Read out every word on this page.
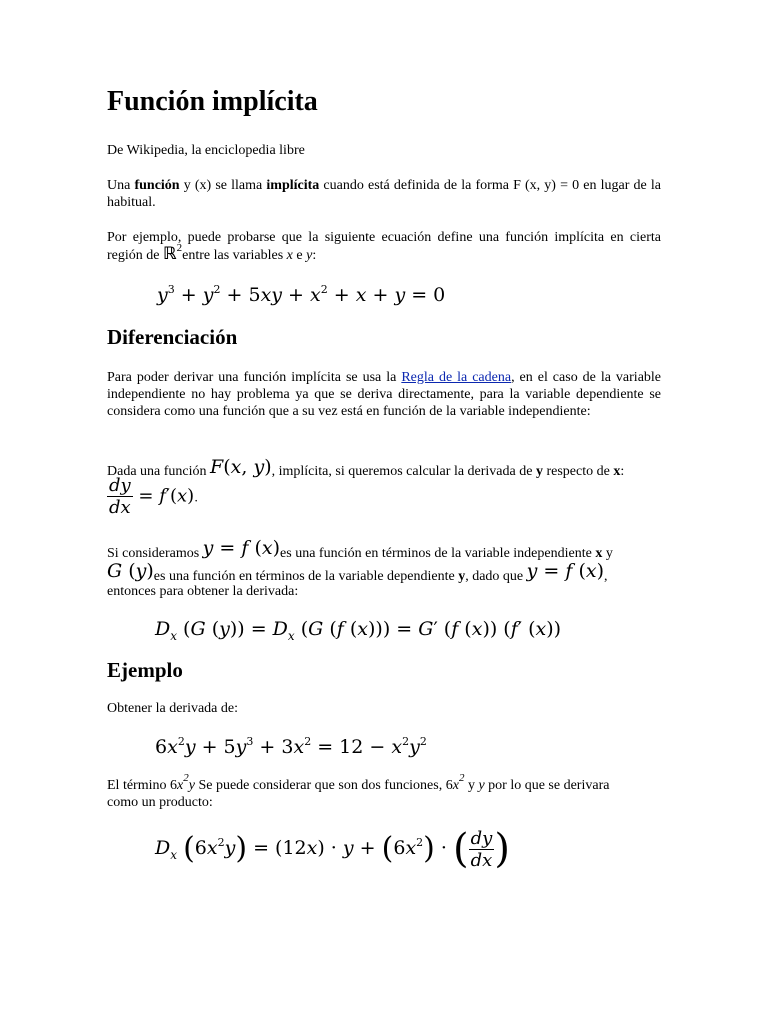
Función implícita
De Wikipedia, la enciclopedia libre
Una función y (x) se llama implícita cuando está definida de la forma F (x, y) = 0 en lugar de la habitual.
Por ejemplo, puede probarse que la siguiente ecuación define una función implícita en cierta región de ℝ$^2$entre las variables x e y:
$y^3 + y^2 + 5xy + x^2 + x + y = 0$
Diferenciación
Para poder derivar una función implícita se usa la Regla de la cadena, en el caso de la variable independiente no hay problema ya que se deriva directamente, para la variable dependiente se considera como una función que a su vez está en función de la variable independiente:
Dada una función F(x, y), implícita, si queremos calcular la derivada de y respecto de x:
$\frac{dy}{dx} = f'(x)$.
Si consideramos y = f (x)es una función en términos de la variable independiente x y
G (y)es una función en términos de la variable dependiente y, dado que y = f (x),
entonces para obtener la derivada:
$D_x$ (G $(y)) = D_x$ (G (f (x))) = G′ (f (x)) (f′ (x))
Ejemplo
Obtener la derivada de:
$6x^2y + 5y^3 + 3x^2 = 12 - x^2y^2$
El término $6x^2y$ Se puede considerar que son dos funciones, $6x^2$ y y por lo que se derivara
como un producto:
$D_x$ $(6x^2y) = (12x) \cdot y + (6x^2)$ · ( $\frac{dy}{dx}$ )
